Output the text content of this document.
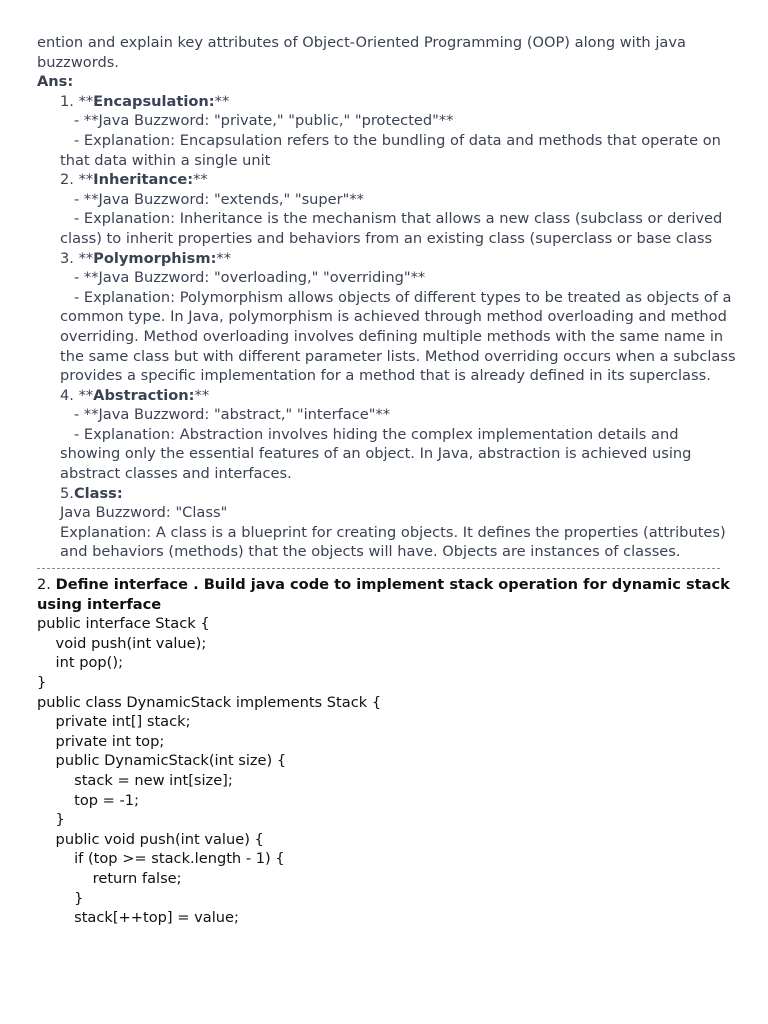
ention and explain key attributes of Object-Oriented Programming (OOP) along with java buzzwords.

Ans:

1. **Encapsulation:**

- **Java Buzzword: "private," "public," "protected"**

- Explanation: Encapsulation refers to the bundling of data and methods that operate on that data within a single unit

2. **Inheritance:**

- **Java Buzzword: "extends," "super"**

- Explanation: Inheritance is the mechanism that allows a new class (subclass or derived class) to inherit properties and behaviors from an existing class (superclass or base class

3. **Polymorphism:**

- **Java Buzzword: "overloading," "overriding"**

- Explanation: Polymorphism allows objects of different types to be treated as objects of a common type. In Java, polymorphism is achieved through method overloading and method overriding. Method overloading involves defining multiple methods with the same name in the same class but with different parameter lists. Method overriding occurs when a subclass provides a specific implementation for a method that is already defined in its superclass.

4. **Abstraction:**

- **Java Buzzword: "abstract," "interface"**

- Explanation: Abstraction involves hiding the complex implementation details and showing only the essential features of an object. In Java, abstraction is achieved using abstract classes and interfaces.

5.Class:

Java Buzzword: "Class"

Explanation: A class is a blueprint for creating objects. It defines the properties (attributes) and behaviors (methods) that the objects will have. Objects are instances of classes.

2. Define interface . Build java code to implement stack operation for dynamic stack using interface

public interface Stack {

void push(int value);

int pop();

}

public class DynamicStack implements Stack {

private int[] stack;

private int top;

public DynamicStack(int size) {

stack = new int[size];

top = -1;

}

public void push(int value) {

if (top >= stack.length - 1) {

return false;

}

stack[++top] = value;
